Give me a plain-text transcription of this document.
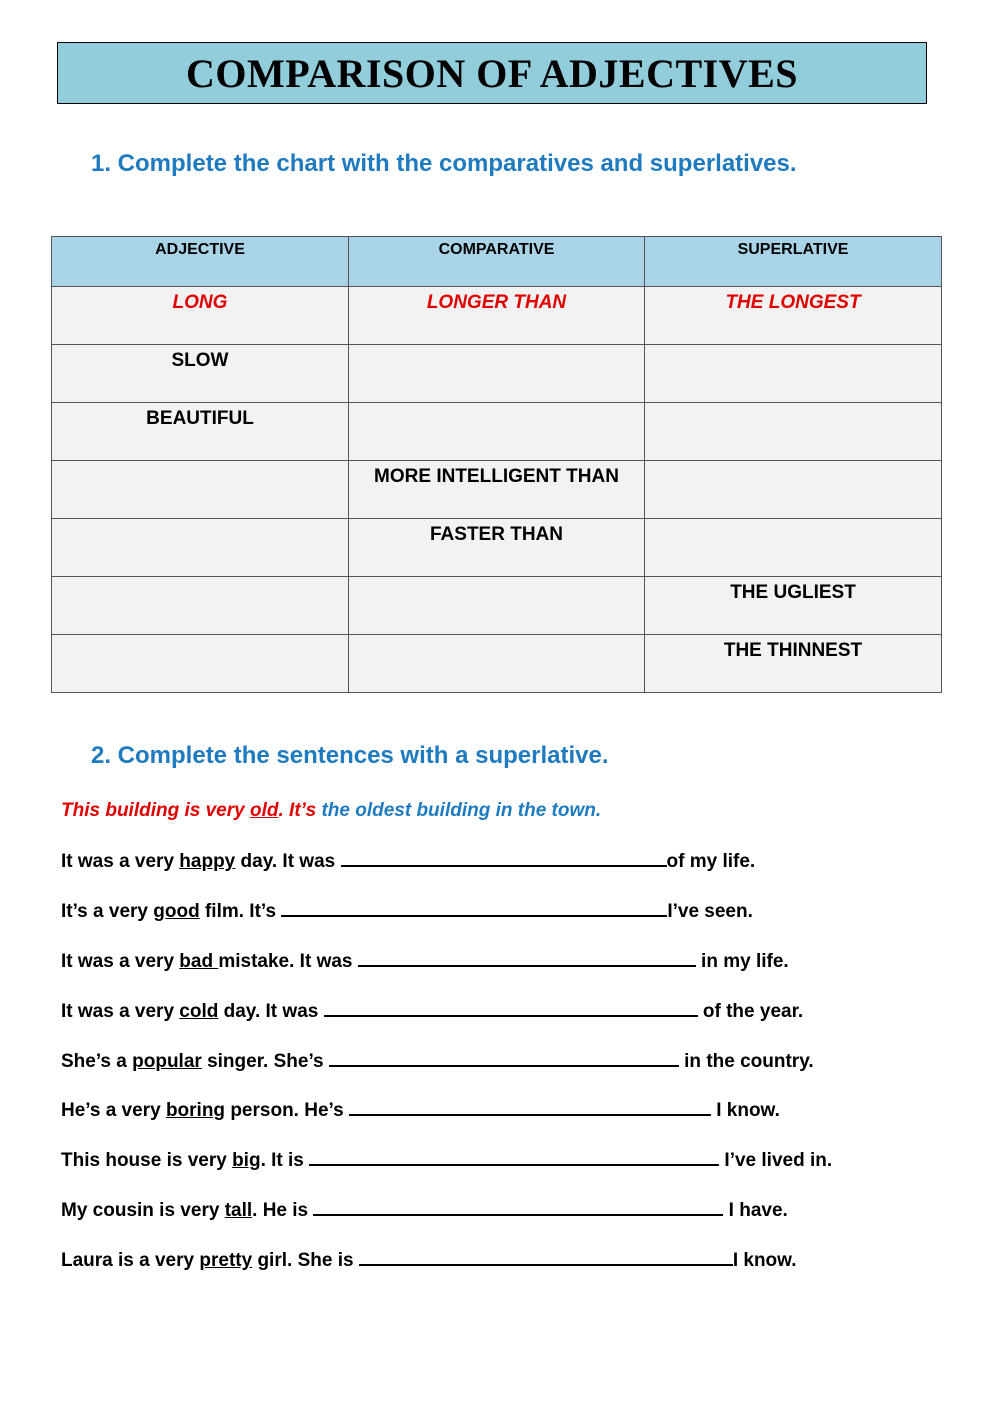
COMPARISON OF ADJECTIVES
1. Complete the chart with the comparatives and superlatives.
ADJECTIVE	COMPARATIVE	SUPERLATIVE
LONG	LONGER THAN	THE LONGEST
SLOW		
BEAUTIFUL		
	MORE INTELLIGENT THAN	
	FASTER THAN	
		THE UGLIEST
		THE THINNEST
2. Complete the sentences with a superlative.
This building is very old. It’s the oldest building in the town.
It was a very happy day. It was	of my life.
It’s a very good film. It’s	I’ve seen.
It was a very bad mistake. It was	in my life.
It was a very cold day. It was	of the year.
She’s a popular singer. She’s	in the country.
He’s a very boring person. He’s	I know.
This house is very big. It is	I’ve lived in.
My cousin is very tall. He is	I have.
Laura is a very pretty girl. She is	I know.
